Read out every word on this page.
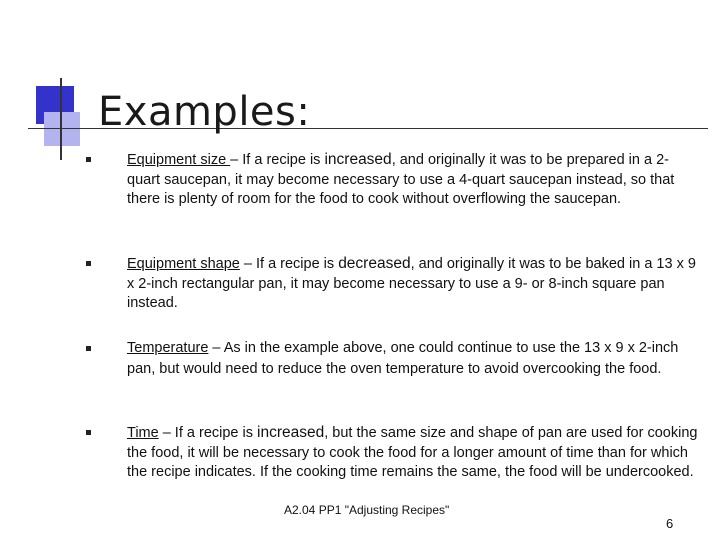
Examples:
Equipment size – If a recipe is increased, and originally it was to be prepared in a 2-quart saucepan, it may become necessary to use a 4-quart saucepan instead, so that there is plenty of room for the food to cook without overflowing the saucepan.
Equipment shape – If a recipe is decreased, and originally it was to be baked in a 13 x 9 x 2-inch rectangular pan, it may become necessary to use a 9- or 8-inch square pan instead.
Temperature – As in the example above, one could continue to use the 13 x 9 x 2-inch pan, but would need to reduce the oven temperature to avoid overcooking the food.
Time – If a recipe is increased, but the same size and shape of pan are used for cooking the food, it will be necessary to cook the food for a longer amount of time than for which the recipe indicates. If the cooking time remains the same, the food will be undercooked.
A2.04 PP1 "Adjusting Recipes"
6
